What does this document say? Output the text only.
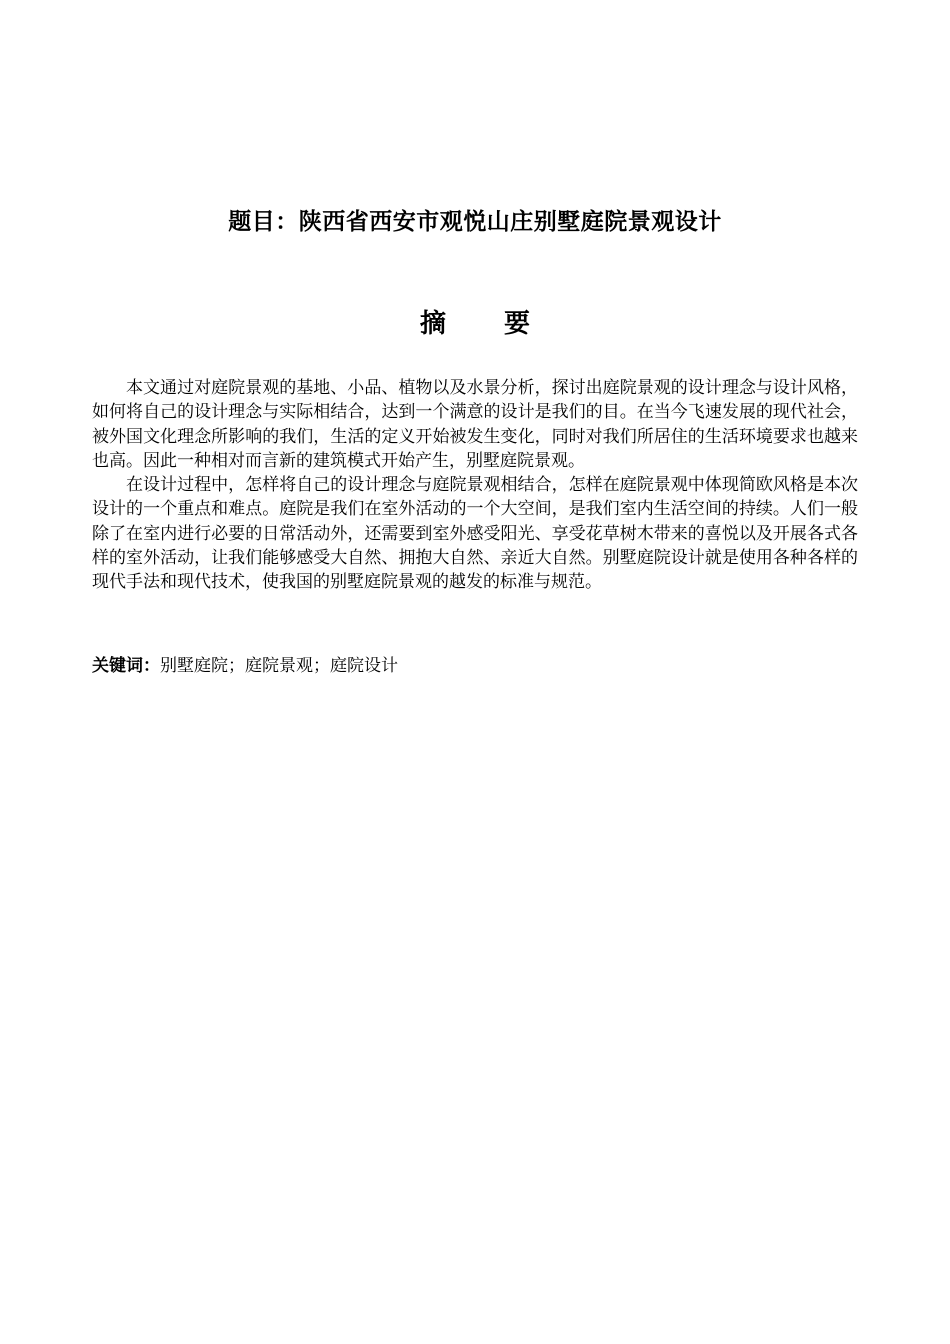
题目：陕西省西安市观悦山庄别墅庭院景观设计
摘要

本文通过对庭院景观的基地、小品、植物以及水景分析，探讨出庭院景观的设计理念与设计风格，如何将自己的设计理念与实际相结合，达到一个满意的设计是我们的目。在当今飞速发展的现代社会，被外国文化理念所影响的我们，生活的定义开始被发生变化，同时对我们所居住的生活环境要求也越来也高。因此一种相对而言新的建筑模式开始产生，别墅庭院景观。

在设计过程中，怎样将自己的设计理念与庭院景观相结合，怎样在庭院景观中体现简欧风格是本次设计的一个重点和难点。庭院是我们在室外活动的一个大空间，是我们室内生活空间的持续。人们一般除了在室内进行必要的日常活动外，还需要到室外感受阳光、享受花草树木带来的喜悦以及开展各式各样的室外活动，让我们能够感受大自然、拥抱大自然、亲近大自然。别墅庭院设计就是使用各种各样的现代手法和现代技术，使我国的别墅庭院景观的越发的标准与规范。

关键词：别墅庭院；庭院景观；庭院设计
